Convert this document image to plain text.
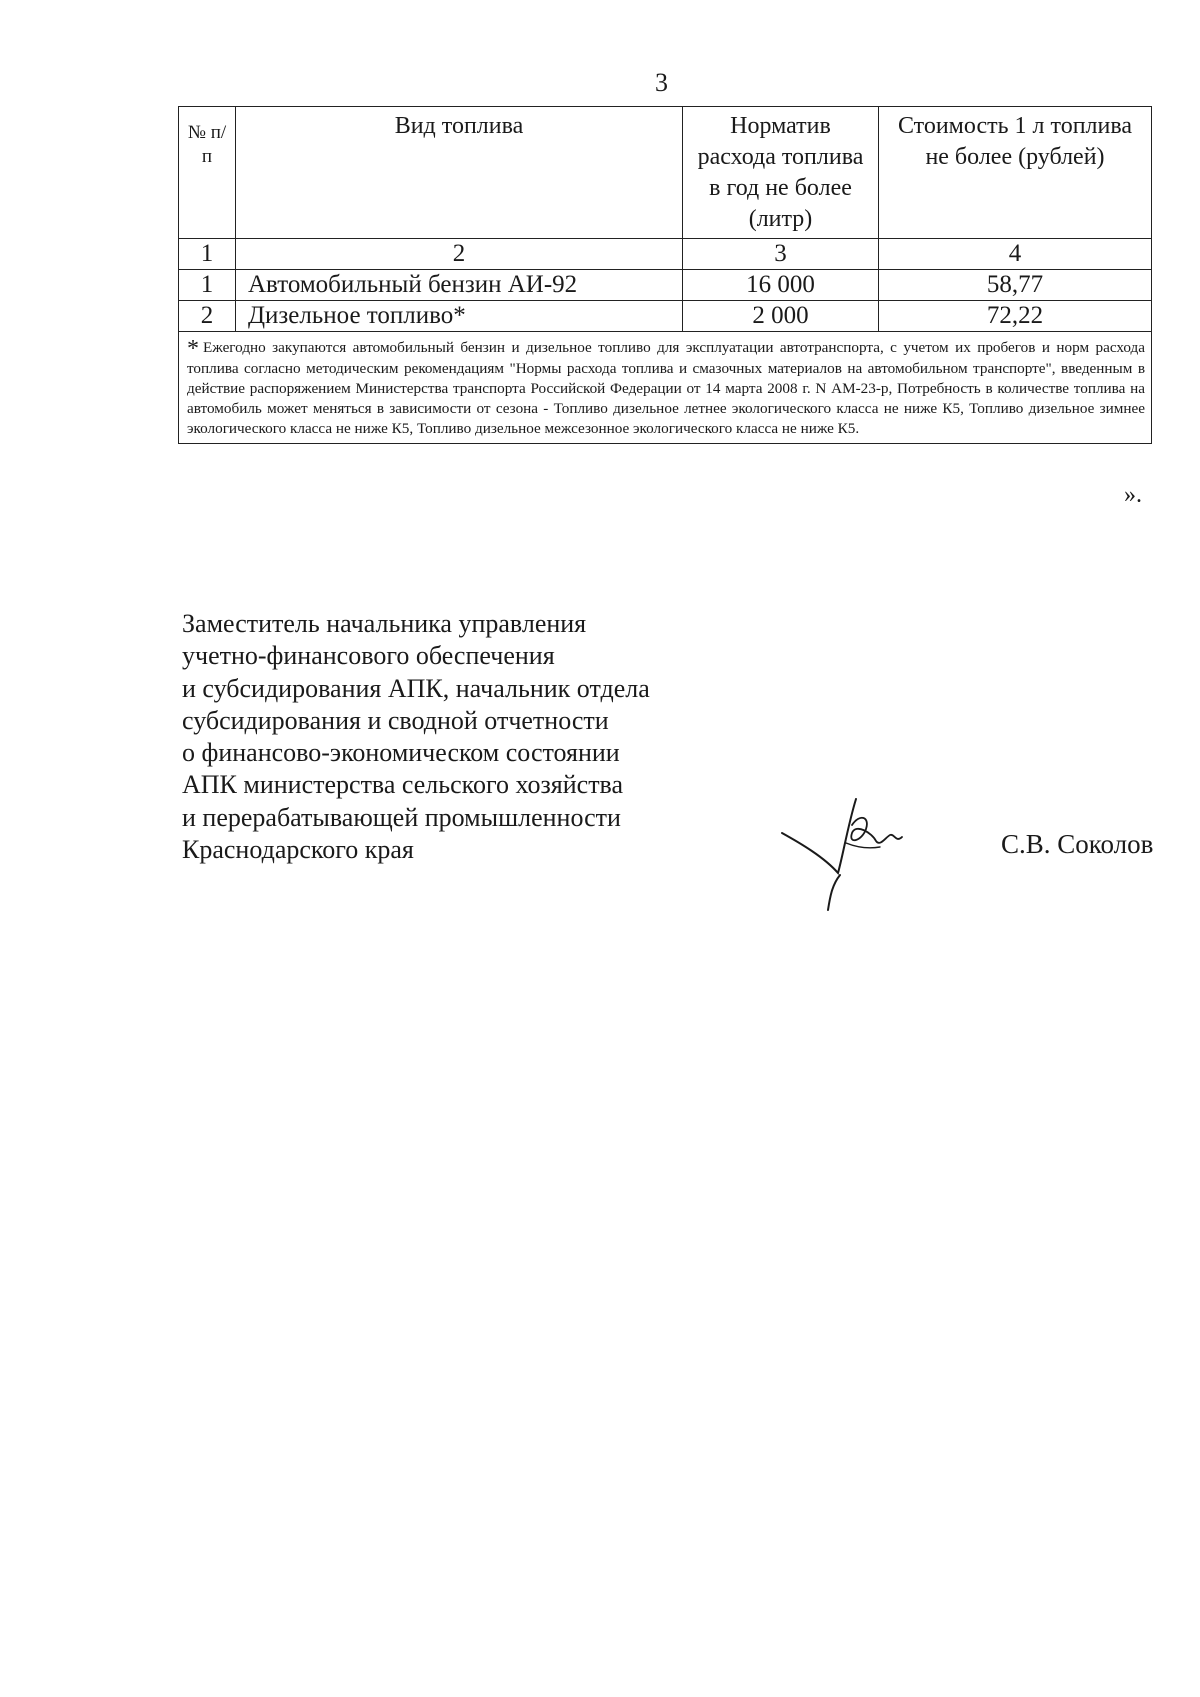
3
№ п/п	Вид топлива	Норматив расхода топлива в год не более (литр)	Стоимость 1 л топлива не более (рублей)
1	2	3	4
1	Автомобильный бензин АИ-92	16 000	58,77
2	Дизельное топливо*	2 000	72,22
* Ежегодно закупаются автомобильный бензин и дизельное топливо для эксплуатации автотранспорта, с учетом их пробегов и норм расхода топлива согласно методическим рекомендациям "Нормы расхода топлива и смазочных материалов на автомобильном транспорте", введенным в действие распоряжением Министерства транспорта Российской Федерации от 14 марта 2008 г. N АМ-23-р, Потребность в количестве топлива на автомобиль может меняться в зависимости от сезона - Топливо дизельное летнее экологического класса не ниже К5, Топливо дизельное зимнее экологического класса не ниже К5, Топливо дизельное межсезонное экологического класса не ниже К5.			
».
Заместитель начальника управления
учетно-финансового обеспечения
и субсидирования АПК, начальник отдела
субсидирования и сводной отчетности
о финансово-экономическом состоянии
АПК министерства сельского хозяйства
и перерабатывающей промышленности
Краснодарского края	С.В. Соколов
